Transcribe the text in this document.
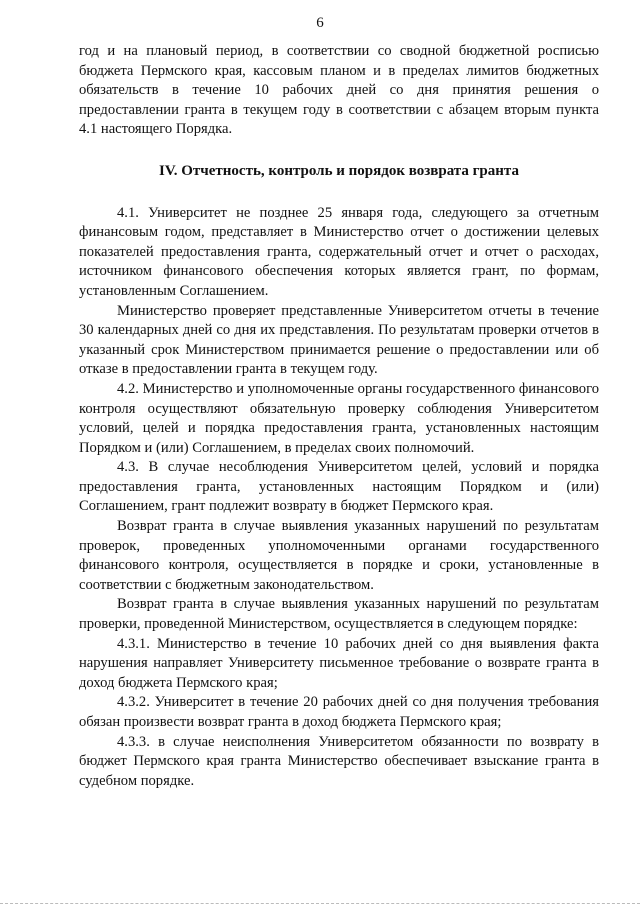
6

год и на плановый период, в соответствии со сводной бюджетной росписью бюджета Пермского края, кассовым планом и в пределах лимитов бюджетных обязательств в течение 10 рабочих дней со дня принятия решения о предоставлении гранта в текущем году в соответствии с абзацем вторым пункта 4.1 настоящего Порядка.

IV. Отчетность, контроль и порядок возврата гранта

4.1. Университет не позднее 25 января года, следующего за отчетным финансовым годом, представляет в Министерство отчет о достижении целевых показателей предоставления гранта, содержательный отчет и отчет о расходах, источником финансового обеспечения которых является грант, по формам, установленным Соглашением.

Министерство проверяет представленные Университетом отчеты в течение 30 календарных дней со дня их представления. По результатам проверки отчетов в указанный срок Министерством принимается решение о предоставлении или об отказе в предоставлении гранта в текущем году.

4.2. Министерство и уполномоченные органы государственного финансового контроля осуществляют обязательную проверку соблюдения Университетом условий, целей и порядка предоставления гранта, установленных настоящим Порядком и (или) Соглашением, в пределах своих полномочий.

4.3. В случае несоблюдения Университетом целей, условий и порядка предоставления гранта, установленных настоящим Порядком и (или) Соглашением, грант подлежит возврату в бюджет Пермского края.

Возврат гранта в случае выявления указанных нарушений по результатам проверок, проведенных уполномоченными органами государственного финансового контроля, осуществляется в порядке и сроки, установленные в соответствии с бюджетным законодательством.

Возврат гранта в случае выявления указанных нарушений по результатам проверки, проведенной Министерством, осуществляется в следующем порядке:

4.3.1. Министерство в течение 10 рабочих дней со дня выявления факта нарушения направляет Университету письменное требование о возврате гранта в доход бюджета Пермского края;

4.3.2. Университет в течение 20 рабочих дней со дня получения требования обязан произвести возврат гранта в доход бюджета Пермского края;

4.3.3. в случае неисполнения Университетом обязанности по возврату в бюджет Пермского края гранта Министерство обеспечивает взыскание гранта в судебном порядке.
